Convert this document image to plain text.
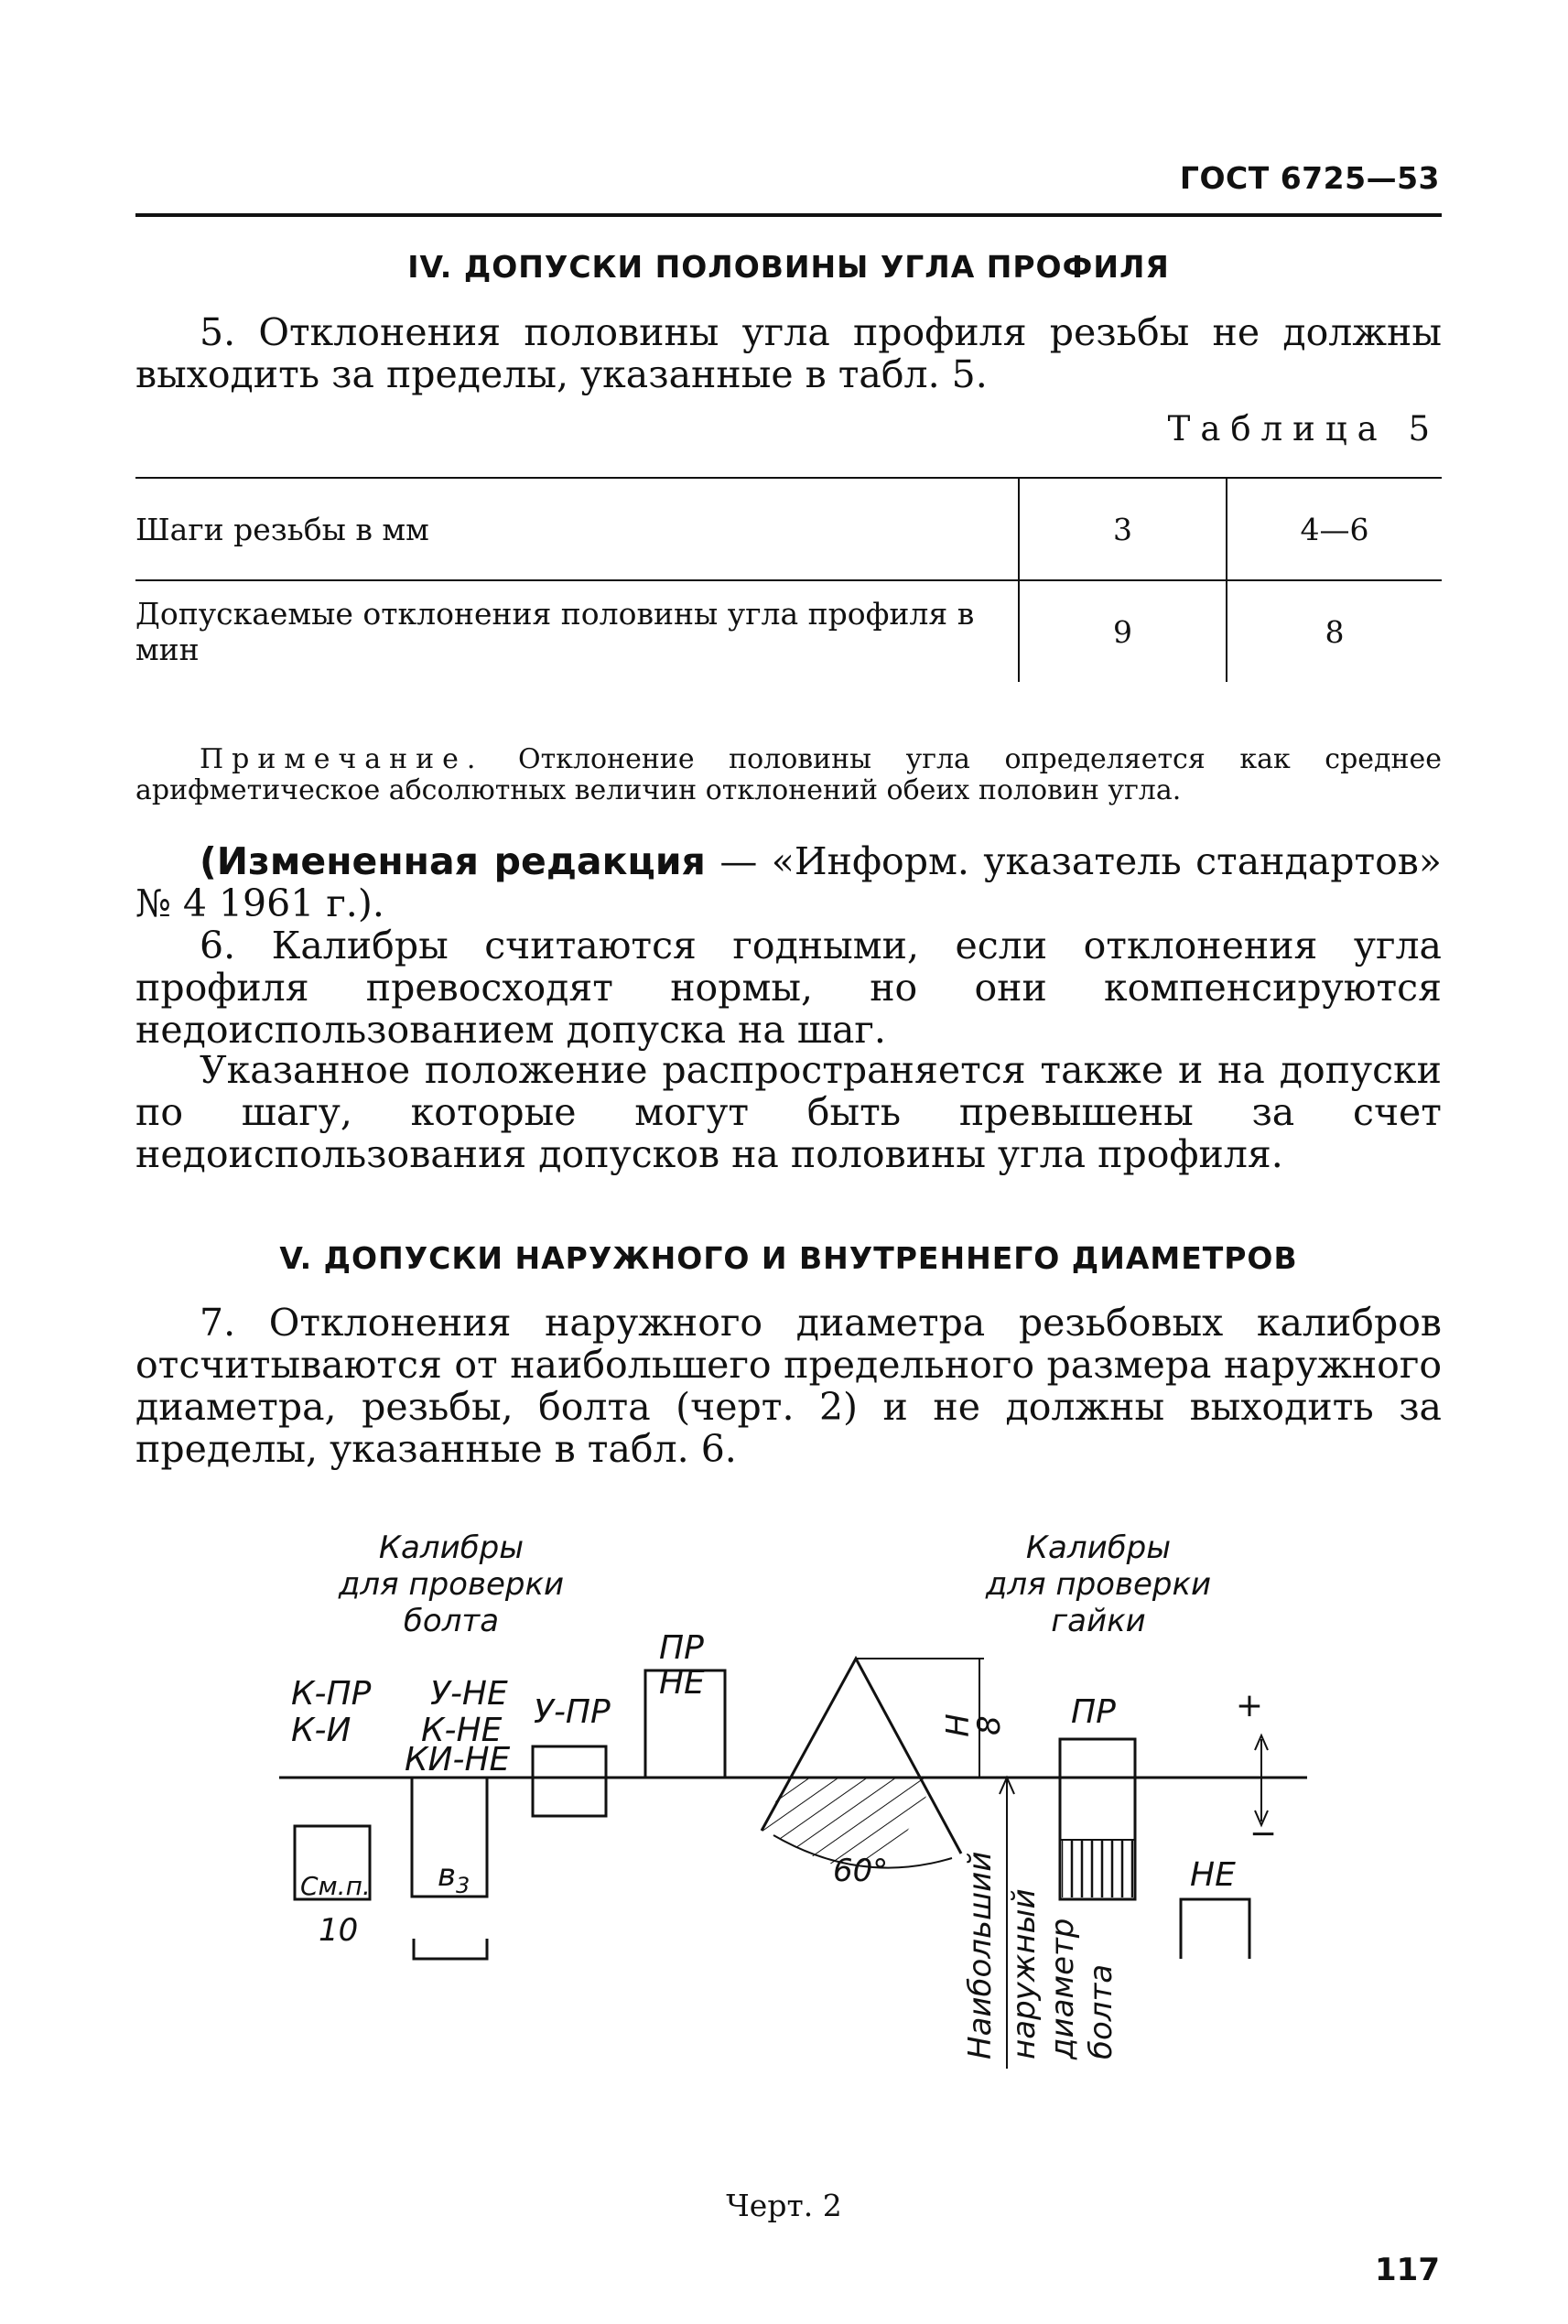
ГОСТ 6725—53
IV. ДОПУСКИ ПОЛОВИНЫ УГЛА ПРОФИЛЯ

5. Отклонения половины угла профиля резьбы не должны выходить за пределы, указанные в табл. 5.

Таблица 5
Шаги резьбы в мм	3	4—6
Допускаемые отклонения половины угла профиля в мин	9	8

Примечание. Отклонение половины угла определяется как среднее арифметическое абсолютных величин отклонений обеих половин угла.

(Измененная редакция — «Информ. указатель стандартов» № 4 1961 г.).

6. Калибры считаются годными, если отклонения угла профиля превосходят нормы, но они компенсируются недоиспользованием допуска на шаг.

Указанное положение распространяется также и на допуски по шагу, которые могут быть превышены за счет недоиспользования допусков на половины угла профиля.

V. ДОПУСКИ НАРУЖНОГО И ВНУТРЕННЕГО ДИАМЕТРОВ

7. Отклонения наружного диаметра резьбовых калибров отсчитываются от наибольшего предельного размера наружного диаметра, резьбы, болта (черт. 2) и не должны выходить за пределы, указанные в табл. 6.

Калибры
для проверки
болта
Калибры
для проверки
гайки
К-ПР
К-И
У-НЕ
К-НЕ
КИ-НЕ
У-ПР
ПР
НЕ
См.п.
10
$в_3$	60°
H
8
Наибольший наружный диаметр болта
ПР
НЕ
+
−
Черт. 2
117
